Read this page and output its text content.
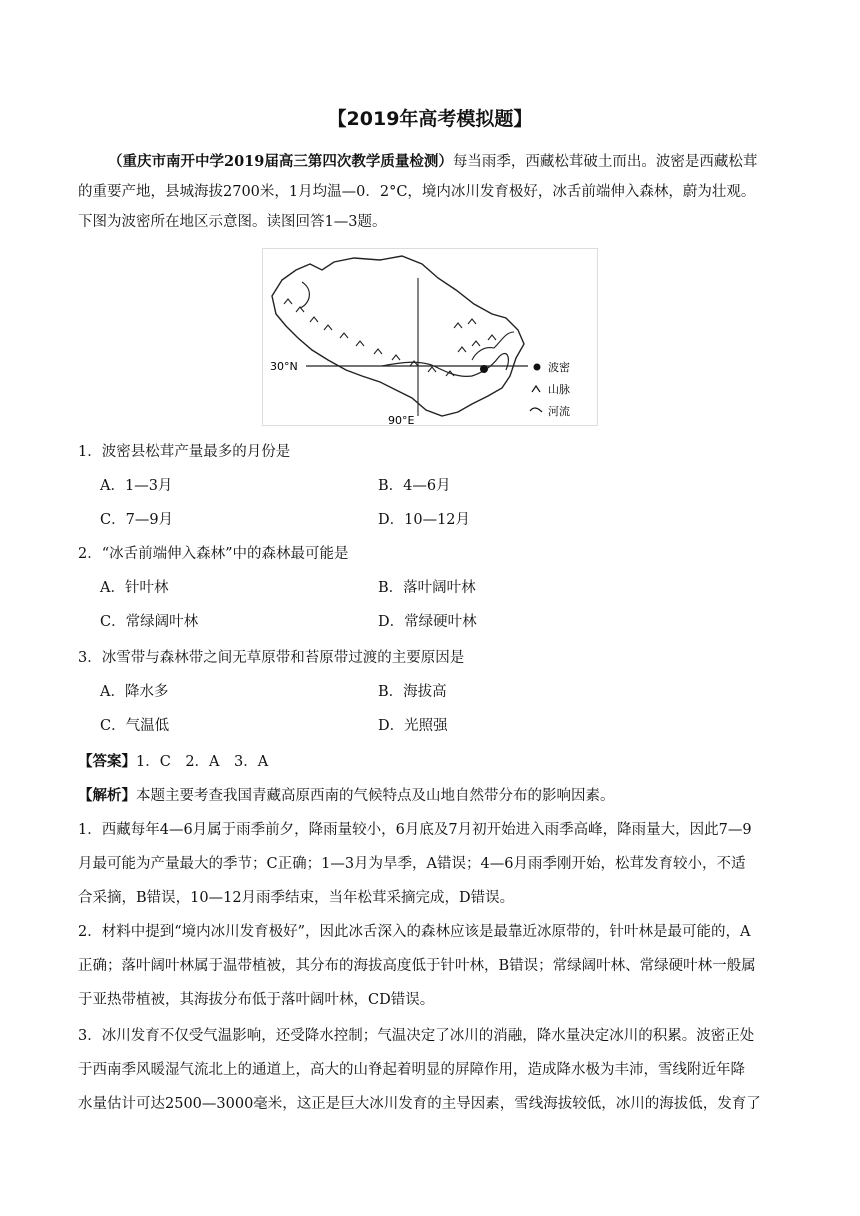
【2019年高考模拟题】
（重庆市南开中学2019届高三第四次教学质量检测）每当雨季，西藏松茸破土而出。波密是西藏松茸
的重要产地，县城海拔2700米，1月均温—0．2°C，境内冰川发育极好，冰舌前端伸入森林，蔚为壮观。
下图为波密所在地区示意图。读图回答1—3题。
30°N
90°E
波密
山脉
河流
1．波密县松茸产量最多的月份是
A．1—3月	B．4—6月
C．7—9月	D．10—12月
2．“冰舌前端伸入森林”中的森林最可能是
A．针叶林	B．落叶阔叶林
C．常绿阔叶林	D．常绿硬叶林
3．冰雪带与森林带之间无草原带和苔原带过渡的主要原因是
A．降水多	B．海拔高
C．气温低	D．光照强
【答案】1．C　2．A　3．A
【解析】本题主要考查我国青藏高原西南的气候特点及山地自然带分布的影响因素。
1．西藏每年4—6月属于雨季前夕，降雨量较小，6月底及7月初开始进入雨季高峰，降雨量大，因此7—9
月最可能为产量最大的季节；C正确；1—3月为旱季，A错误；4—6月雨季刚开始，松茸发育较小，不适
合采摘，B错误，10—12月雨季结束，当年松茸采摘完成，D错误。
2．材料中提到“境内冰川发育极好”，因此冰舌深入的森林应该是最靠近冰原带的，针叶林是最可能的，A
正确；落叶阔叶林属于温带植被，其分布的海拔高度低于针叶林，B错误；常绿阔叶林、常绿硬叶林一般属
于亚热带植被，其海拔分布低于落叶阔叶林，CD错误。
3．冰川发育不仅受气温影响，还受降水控制；气温决定了冰川的消融，降水量决定冰川的积累。波密正处
于西南季风暖湿气流北上的通道上，高大的山脊起着明显的屏障作用，造成降水极为丰沛，雪线附近年降
水量估计可达2500—3000毫米，这正是巨大冰川发育的主导因素，雪线海拔较低，冰川的海拔低，发育了
